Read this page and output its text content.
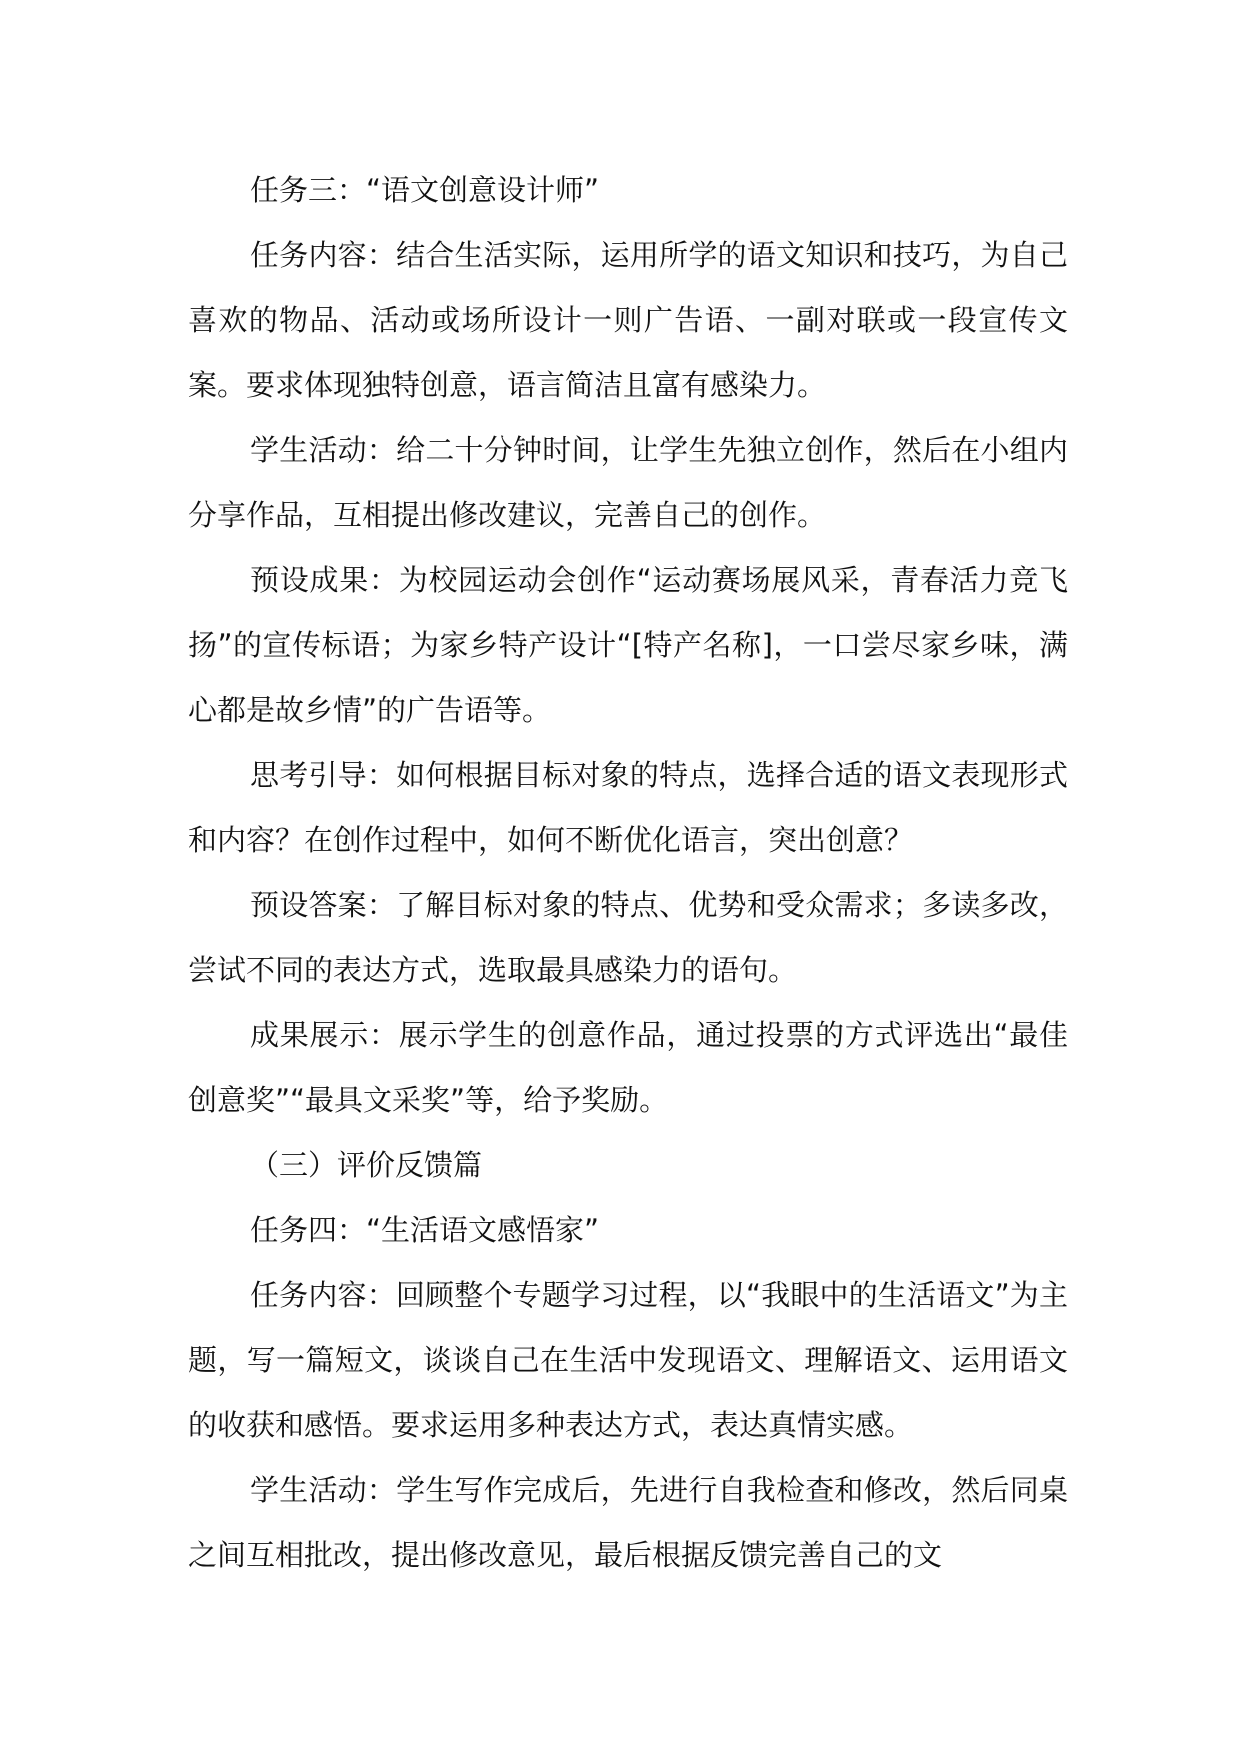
任务三：“语文创意设计师”

任务内容：结合生活实际，运用所学的语文知识和技巧，为自己喜欢的物品、活动或场所设计一则广告语、一副对联或一段宣传文案。要求体现独特创意，语言简洁且富有感染力。

学生活动：给二十分钟时间，让学生先独立创作，然后在小组内分享作品，互相提出修改建议，完善自己的创作。

预设成果：为校园运动会创作“运动赛场展风采，青春活力竞飞扬”的宣传标语；为家乡特产设计“[特产名称]，一口尝尽家乡味，满心都是故乡情”的广告语等。

思考引导：如何根据目标对象的特点，选择合适的语文表现形式和内容？在创作过程中，如何不断优化语言，突出创意？

预设答案：了解目标对象的特点、优势和受众需求；多读多改，尝试不同的表达方式，选取最具感染力的语句。

成果展示：展示学生的创意作品，通过投票的方式评选出“最佳创意奖”“最具文采奖”等，给予奖励。

（三）评价反馈篇

任务四：“生活语文感悟家”

任务内容：回顾整个专题学习过程，以“我眼中的生活语文”为主题，写一篇短文，谈谈自己在生活中发现语文、理解语文、运用语文的收获和感悟。要求运用多种表达方式，表达真情实感。

学生活动：学生写作完成后，先进行自我检查和修改，然后同桌之间互相批改，提出修改意见，最后根据反馈完善自己的文
